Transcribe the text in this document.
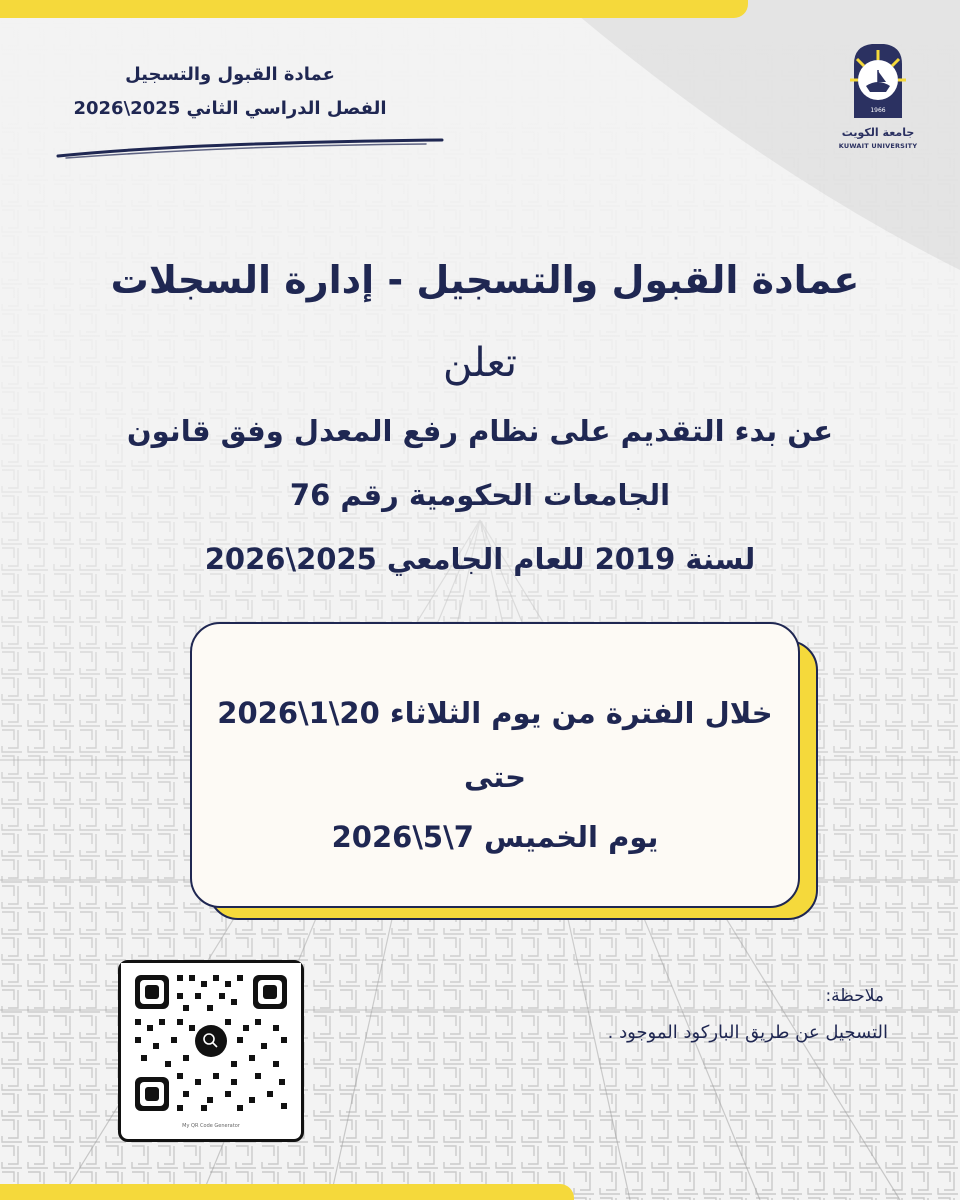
عمادة القبول والتسجيل
الفصل الدراسي الثاني 2025\2026	1966
جامعة الكويت
KUWAIT UNIVERSITY
عمادة القبول والتسجيل - إدارة السجلات
تعلن
عن بدء التقديم على نظام رفع المعدل وفق قانون
الجامعات الحكومية رقم 76
لسنة 2019 للعام الجامعي 2025\2026
خلال الفترة من يوم الثلاثاء 20\1\2026
حتى
يوم الخميس 7\5\2026
My QR Code Generator
ملاحظة:
التسجيل عن طريق الباركود الموجود .
